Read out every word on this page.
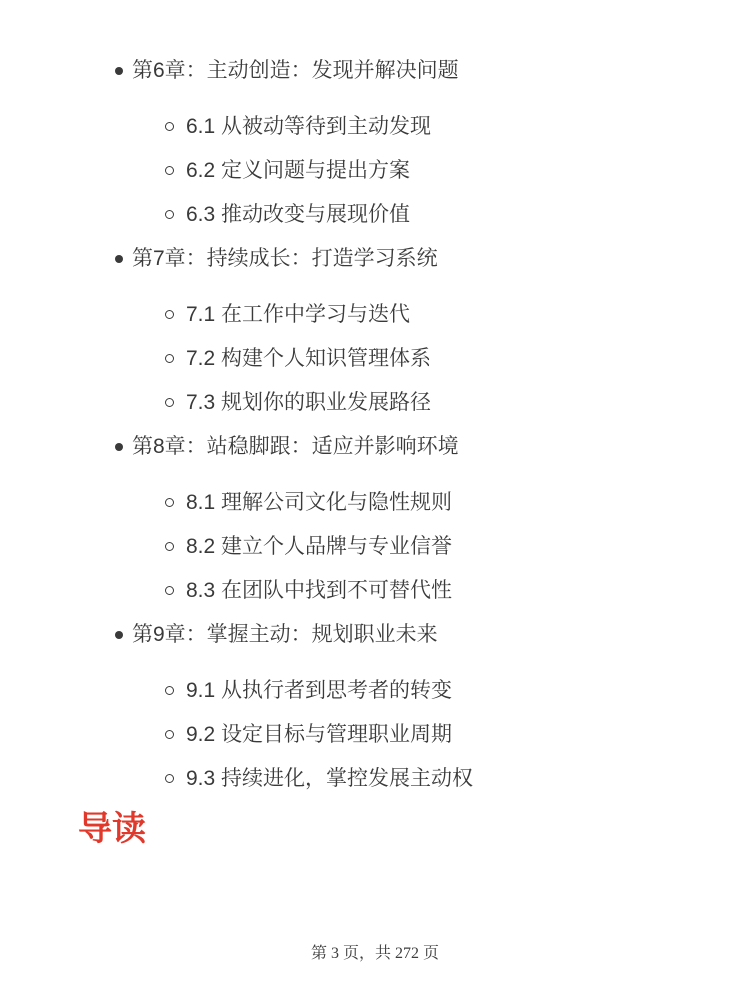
第6章：主动创造：发现并解决问题
6.1 从被动等待到主动发现
6.2 定义问题与提出方案
6.3 推动改变与展现价值
第7章：持续成长：打造学习系统
7.1 在工作中学习与迭代
7.2 构建个人知识管理体系
7.3 规划你的职业发展路径
第8章：站稳脚跟：适应并影响环境
8.1 理解公司文化与隐性规则
8.2 建立个人品牌与专业信誉
8.3 在团队中找到不可替代性
第9章：掌握主动：规划职业未来
9.1 从执行者到思考者的转变
9.2 设定目标与管理职业周期
9.3 持续进化，掌控发展主动权
导读
第 3 页，共 272 页
